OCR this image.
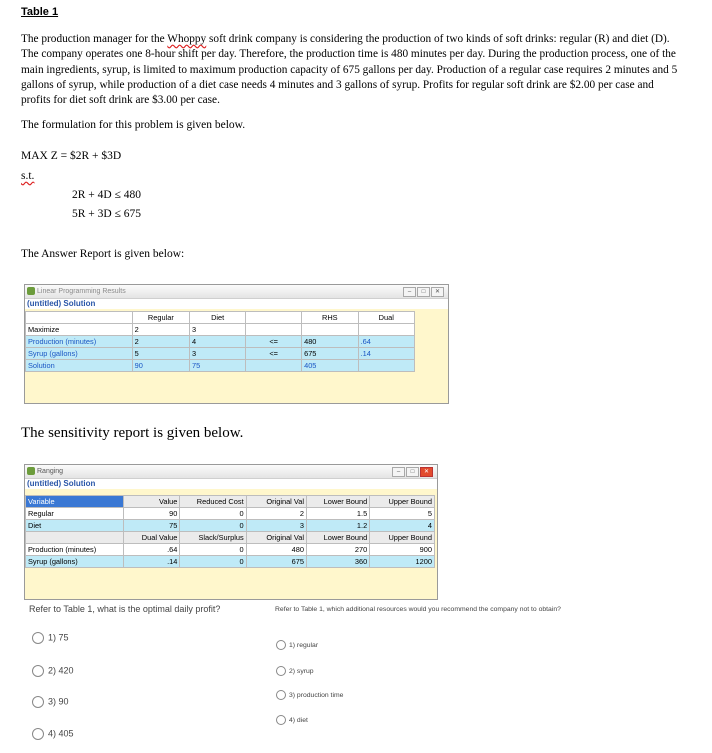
Table 1
The production manager for the Whoppy soft drink company is considering the production of two kinds of soft drinks: regular (R) and diet (D). The company operates one 8-hour shift per day. Therefore, the production time is 480 minutes per day. During the production process, one of the main ingredients, syrup, is limited to maximum production capacity of 675 gallons per day. Production of a regular case requires 2 minutes and 5 gallons of syrup, while production of a diet case needs 4 minutes and 3 gallons of syrup. Profits for regular soft drink are $2.00 per case and profits for diet soft drink are $3.00 per case.
The formulation for this problem is given below.
MAX Z = $2R + $3D
s.t.
2R + 4D ≤ 480
5R + 3D ≤ 675
The Answer Report is given below:
Linear Programming Results	–	□	✕
(untitled) Solution
	Regular	Diet		RHS	Dual
Maximize	2	3			
Production (minutes)	2	4	<=	480	.64
Syrup (gallons)	5	3	<=	675	.14
Solution	90	75		405	
The sensitivity report is given below.
Ranging	–	□	✕
(untitled) Solution
Variable	Value	Reduced Cost	Original Val	Lower Bound	Upper Bound
Regular	90	0	2	1.5	5
Diet	75	0	3	1.2	4
	Dual Value	Slack/Surplus	Original Val	Lower Bound	Upper Bound
Production (minutes)	.64	0	480	270	900
Syrup (gallons)	.14	0	675	360	1200
Refer to Table 1, what is the optimal daily profit?
1) 75
2) 420
3) 90
4) 405
Refer to Table 1, which additional resources would you recommend the company not to obtain?
1) regular
2) syrup
3) production time
4) diet
